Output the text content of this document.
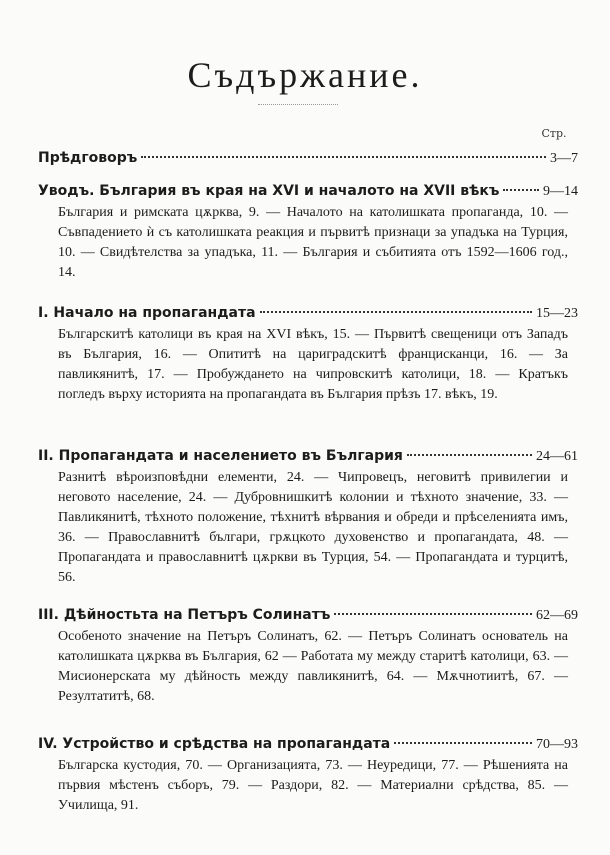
Съдържание.
Стр.
Прѣдговоръ	3—7
Уводъ. България въ края на XVI и началото на XVII вѣкъ	9—14
България и римската цѫрква, 9. — Началото на католишката пропаганда, 10. — Съвпадението ѝ съ католишката реакция и първитѣ признаци за упадъка на Турция, 10. — Свидѣтелства за упадъка, 11. — България и събитията отъ 1592—1606 год., 14.
I. Начало на пропагандата	15—23
Българскитѣ католици въ края на XVI вѣкъ, 15. — Първитѣ свещеници отъ Западъ въ България, 16. — Опититѣ на цариградскитѣ францисканци, 16. — За павликянитѣ, 17. — Пробуждането на чипровскитѣ католици, 18. — Кратъкъ погледъ върху историята на пропагандата въ България прѣзъ 17. вѣкъ, 19.
II. Пропагандата и населението въ България	24—61
Разнитѣ вѣроизповѣдни елементи, 24. — Чипровецъ, неговитѣ привилегии и неговото население, 24. — Дубровнишкитѣ колонии и тѣхното значение, 33. — Павликянитѣ, тѣхното положение, тѣхнитѣ вѣрвания и обреди и прѣселенията имъ, 36. — Православнитѣ българи, грѫцкото духовенство и пропагандата, 48. — Пропагандата и православнитѣ цѫркви въ Турция, 54. — Пропагандата и турцитѣ, 56.
III. Дѣйностьта на Петъръ Солинатъ	62—69
Особеното значение на Петъръ Солинатъ, 62. — Петъръ Солинатъ основатель на католишката цѫрква въ България, 62 — Работата му между старитѣ католици, 63. — Мисионерската му дѣйность между павликянитѣ, 64. — Мѫчнотиитѣ, 67. — Резултатитѣ, 68.
IV. Устройство и срѣдства на пропагандата	70—93
Българска кустодия, 70. — Организацията, 73. — Неуредици, 77. — Рѣшенията на първия мѣстенъ съборъ, 79. — Раздори, 82. — Материални срѣдства, 85. — Училища, 91.
